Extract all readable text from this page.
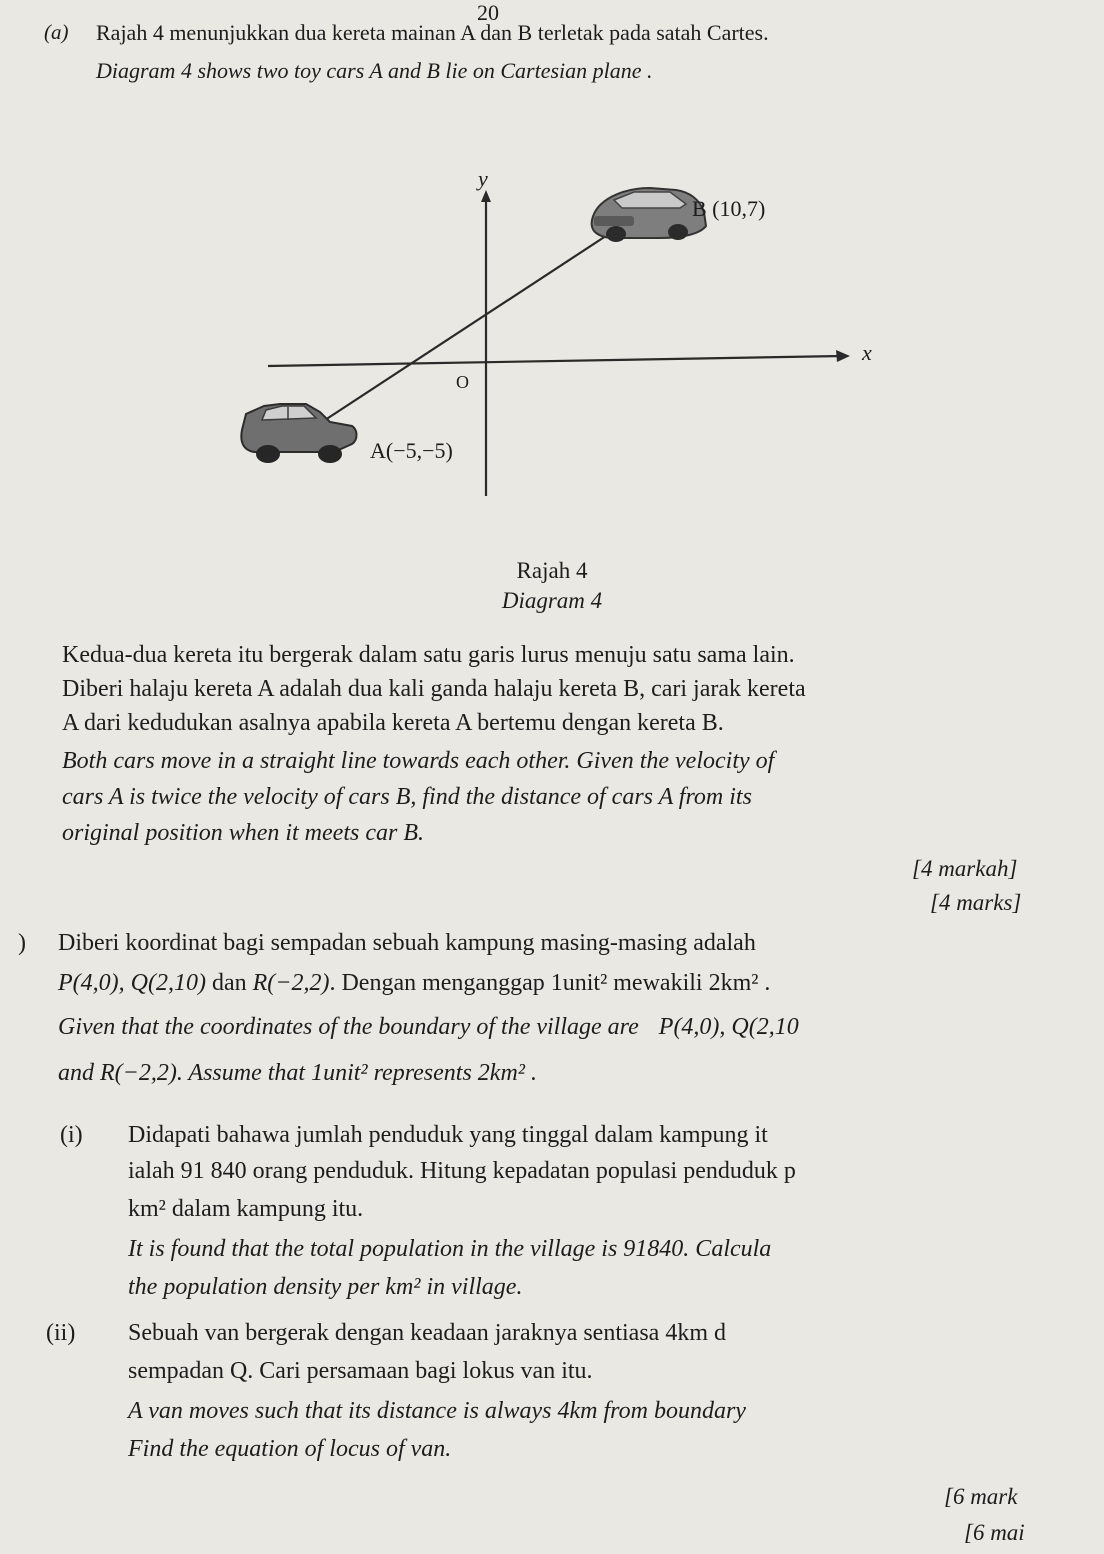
20
(a) Rajah 4 menunjukkan dua kereta mainan A dan B terletak pada satah Cartes.
Diagram 4 shows two toy cars A and B lie on Cartesian plane .
y
x
O
B (10,7)
A(−5,−5)
Rajah 4
Diagram 4
Kedua-dua kereta itu bergerak dalam satu garis lurus menuju satu sama lain.
Diberi halaju kereta A adalah dua kali ganda halaju kereta B, cari jarak kereta
A dari kedudukan asalnya apabila kereta A bertemu dengan kereta B.
Both cars move in a straight line towards each other. Given the velocity of
cars A is twice the velocity of cars B, find the distance of cars A from its
original position when it meets car B.
[4 markah]
[4 marks]
) Diberi koordinat bagi sempadan sebuah kampung masing-masing adalah
P(4,0), Q(2,10) dan R(−2,2). Dengan menganggap 1unit² mewakili 2km² .
Given that the coordinates of the boundary of the village are P(4,0), Q(2,10
and R(−2,2). Assume that 1unit² represents 2km² .
(i) Didapati bahawa jumlah penduduk yang tinggal dalam kampung it
ialah 91 840 orang penduduk. Hitung kepadatan populasi penduduk p
km² dalam kampung itu.
It is found that the total population in the village is 91840. Calcula
the population density per km² in village.
(ii) Sebuah van bergerak dengan keadaan jaraknya sentiasa 4km d
sempadan Q. Cari persamaan bagi lokus van itu.
A van moves such that its distance is always 4km from boundary
Find the equation of locus of van.
[6 mark
[6 mai
